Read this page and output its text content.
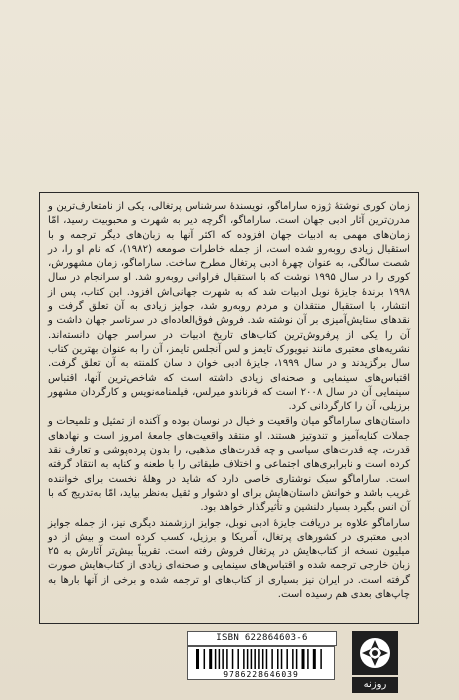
زمان کوری نوشتهٔ ژوزه ساراماگو، نویسندهٔ سرشناس پرتغالی، یکی از نامتعارف‌ترین و مدرن‌ترین آثار ادبی جهان است. ساراماگو، اگرچه دیر به شهرت و محبوبیت رسید، امّا زمان‌های مهمی به ادبیات جهان افزوده که اکثر آنها به زبان‌های دیگر ترجمه و با استقبال زیادی روبه‌رو شده است، از جمله خاطرات صومعه (۱۹۸۲)، که نام او را، در شصت سالگی، به عنوان چهرهٔ ادبی پرتغال مطرح ساخت. ساراماگو، زمان مشهورش، کوری را در سال ۱۹۹۵ نوشت که با استقبال فراوانی روبه‌رو شد. او سرانجام در سال ۱۹۹۸ برندهٔ جایزهٔ نوبل ادبیات شد که به شهرت جهانی‌اش افزود. این کتاب، پس از انتشار، با استقبال منتقدان و مردم روبه‌رو شد، جوایز زیادی به آن تعلق گرفت و نقدهای ستایش‌آمیزی بر آن نوشته شد. فروش فوق‌العاده‌ای در سرتاسر جهان داشت و آن را یکی از پرفروش‌ترین کتاب‌های تاریخ ادبیات در سراسر جهان دانسته‌اند. نشریه‌های معتبری مانند نیویورک تایمز و لس آنجلس تایمز، آن را به عنوان بهترین کتاب سال برگزیدند و در سال ۱۹۹۹، جایزهٔ ادبی خوان د سان کلمنته به آن تعلق گرفت. اقتباس‌های سینمایی و صحنه‌ای زیادی داشته است که شاخص‌ترین آنها، اقتباس سینمایی آن در سال ۲۰۰۸ است که فرناندو میرلس، فیلمنامه‌نویس و کارگردان مشهور برزیلی، آن را کارگردانی کرد.

داستان‌های ساراماگو میان واقعیت و خیال در نوسان بوده و آکنده از تمثیل و تلمیحات و جملات کنایه‌آمیز و تندوتیز هستند. او منتقد واقعیت‌های جامعهٔ امروز است و نهادهای قدرت، چه قدرت‌های سیاسی و چه قدرت‌های مذهبی، را بدون پرده‌پوشی و تعارف نقد کرده است و نابرابری‌های اجتماعی و اختلاف طبقاتی را با طعنه و کنایه به انتقاد گرفته است. ساراماگو سبک نوشتاری خاصی دارد که شاید در وهلهٔ نخست برای خواننده غریب باشد و خوانش داستان‌هایش برای او دشوار و ثقیل به‌نظر بیاید، امّا به‌تدریج که با آن انس بگیرد بسیار دلنشین و تأثیرگذار خواهد بود.

ساراماگو علاوه بر دریافت جایزهٔ ادبی نوبل، جوایز ارزشمند دیگری نیز، از جمله جوایز ادبی معتبری در کشورهای پرتغال، آمریکا و برزیل، کسب کرده است و بیش از دو میلیون نسخه از کتاب‌هایش در پرتغال فروش رفته است. تقریباً بیش‌تر آثارش به ۲۵ زبان خارجی ترجمه شده و اقتباس‌های سینمایی و صحنه‌ای زیادی از کتاب‌هایش صورت گرفته است. در ایران نیز بسیاری از کتاب‌های او ترجمه شده و برخی از آنها بارها به چاپ‌های بعدی هم رسیده است.

ISBN 622864603-6
9786228646039
روزنه
